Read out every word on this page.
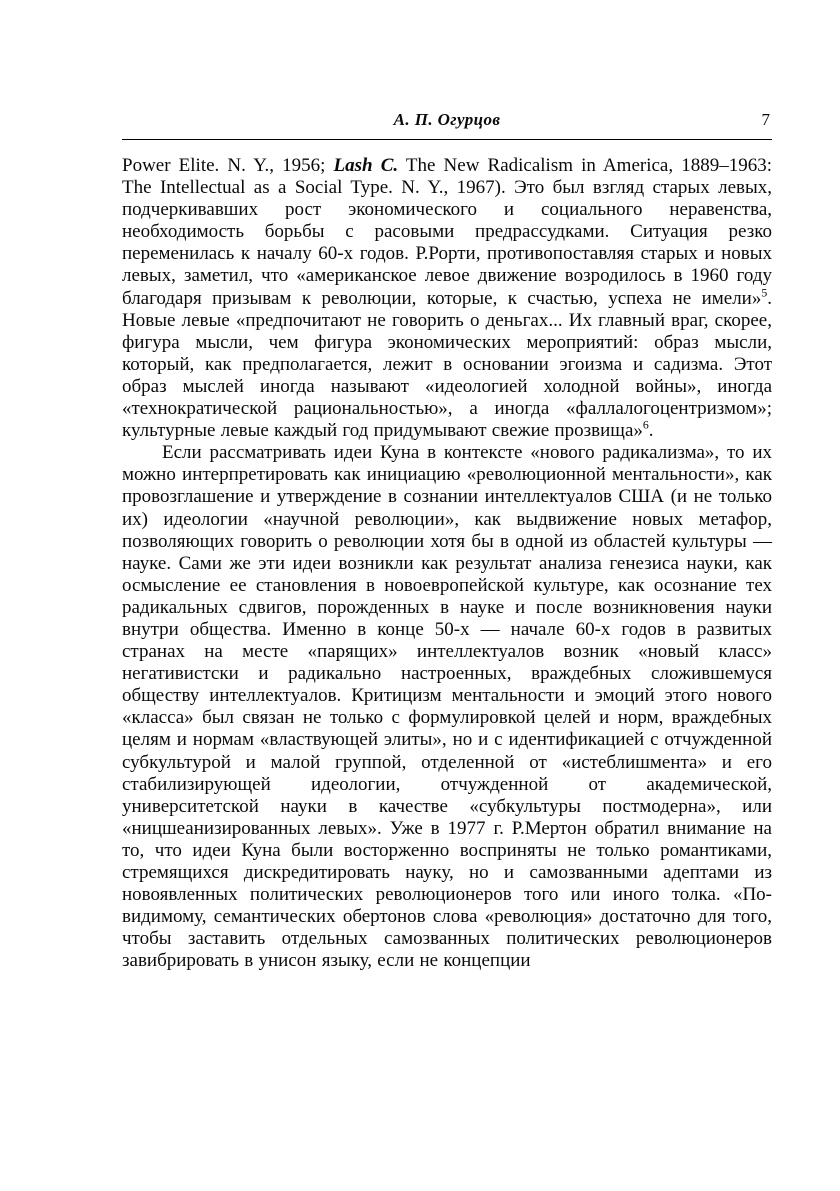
А. П. Огурцов	7

Power Elite. N. Y., 1956; Lash C. The New Radicalism in America, 1889–1963: The Intellectual as a Social Type. N. Y., 1967). Это был взгляд старых левых, подчеркивавших рост экономического и социального неравенства, необходимость борьбы с расовыми предрассудками. Ситуация резко переменилась к началу 60-х годов. Р.Рорти, противопоставляя старых и новых левых, заметил, что «американское левое движение возродилось в 1960 году благодаря призывам к революции, которые, к счастью, успеха не имели»$^5$. Новые левые «предпочитают не говорить о деньгах... Их главный враг, скорее, фигура мысли, чем фигура экономических мероприятий: образ мысли, который, как предполагается, лежит в основании эгоизма и садизма. Этот образ мыслей иногда называют «идеологией холодной войны», иногда «технократической рациональностью», а иногда «фаллалогоцентризмом»; культурные левые каждый год придумывают свежие прозвища»$^6$.

Если рассматривать идеи Куна в контексте «нового радикализма», то их можно интерпретировать как инициацию «революционной ментальности», как провозглашение и утверждение в сознании интеллектуалов США (и не только их) идеологии «научной революции», как выдвижение новых метафор, позволяющих говорить о революции хотя бы в одной из областей культуры — науке. Сами же эти идеи возникли как результат анализа генезиса науки, как осмысление ее становления в новоевропейской культуре, как осознание тех радикальных сдвигов, порожденных в науке и после возникновения науки внутри общества. Именно в конце 50-х — начале 60-х годов в развитых странах на месте «парящих» интеллектуалов возник «новый класс» негативистски и радикально настроенных, враждебных сложившемуся обществу интеллектуалов. Критицизм ментальности и эмоций этого нового «класса» был связан не только с формулировкой целей и норм, враждебных целям и нормам «властвующей элиты», но и с идентификацией с отчужденной субкультурой и малой группой, отделенной от «истеблишмента» и его стабилизирующей идеологии, отчужденной от академической, университетской науки в качестве «субкультуры постмодерна», или «ницшеанизированных левых». Уже в 1977 г. Р.Мертон обратил внимание на то, что идеи Куна были восторженно восприняты не только романтиками, стремящихся дискредитировать науку, но и самозванными адептами из новоявленных политических революционеров того или иного толка. «По-видимому, семантических обертонов слова «революция» достаточно для того, чтобы заставить отдельных самозванных политических революционеров завибрировать в унисон языку, если не концепции
